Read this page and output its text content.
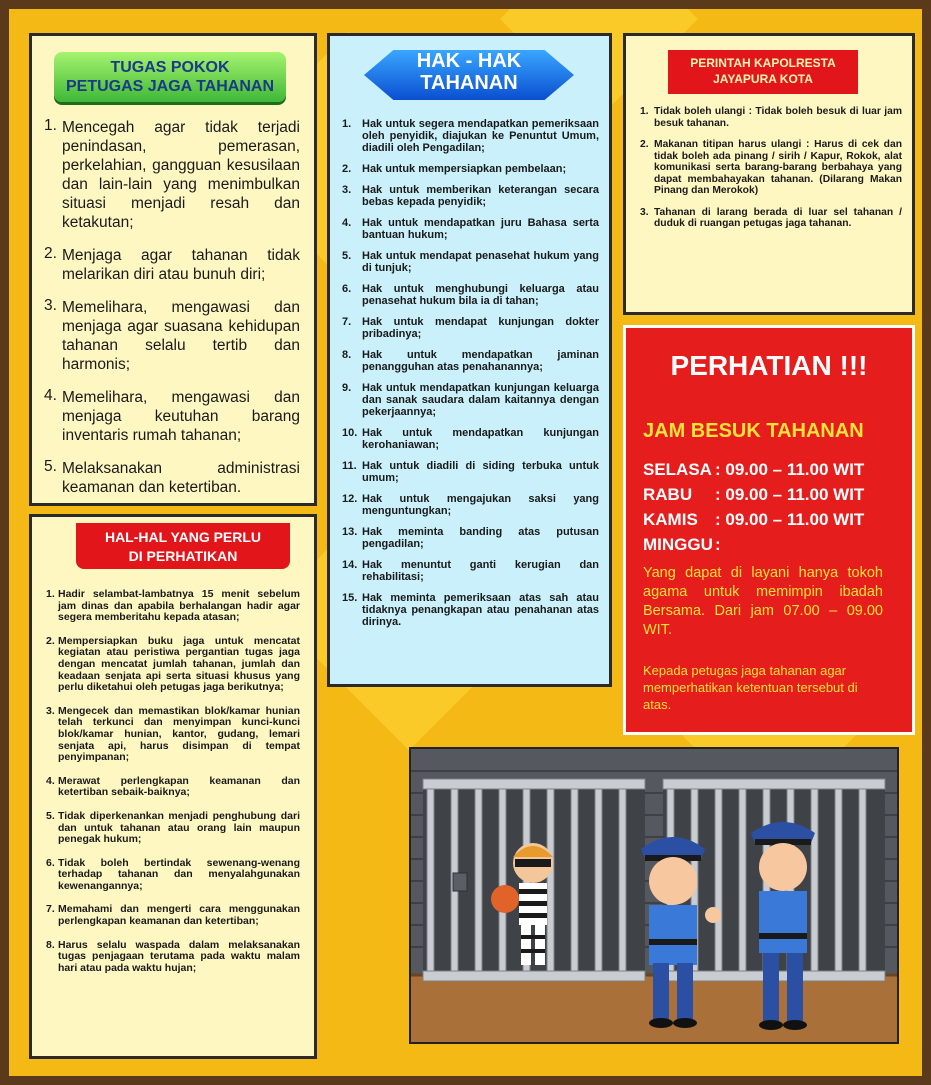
TUGAS POKOK
PETUGAS JAGA TAHANAN
1. Mencegah agar tidak terjadi penindasan, pemerasan, perkelahian, gangguan kesusilaan dan lain-lain yang menimbulkan situasi menjadi resah dan ketakutan;
2. Menjaga agar tahanan tidak melarikan diri atau bunuh diri;
3. Memelihara, mengawasi dan menjaga agar suasana kehidupan tahanan selalu tertib dan harmonis;
4. Memelihara, mengawasi dan menjaga keutuhan barang inventaris rumah tahanan;
5. Melaksanakan administrasi keamanan dan ketertiban.
HAK - HAK
TAHANAN
1. Hak untuk segera mendapatkan pemeriksaan oleh penyidik, diajukan ke Penuntut Umum, diadili oleh Pengadilan;
2. Hak untuk mempersiapkan pembelaan;
3. Hak untuk memberikan keterangan secara bebas kepada penyidik;
4. Hak untuk mendapatkan juru Bahasa serta bantuan hukum;
5. Hak untuk mendapat penasehat hukum yang di tunjuk;
6. Hak untuk menghubungi keluarga atau penasehat hukum bila ia di tahan;
7. Hak untuk mendapat kunjungan dokter pribadinya;
8. Hak untuk mendapatkan jaminan penangguhan atas penahanannya;
9. Hak untuk mendapatkan kunjungan keluarga dan sanak saudara dalam kaitannya dengan pekerjaannya;
10. Hak untuk mendapatkan kunjungan kerohaniawan;
11. Hak untuk diadili di siding terbuka untuk umum;
12. Hak untuk mengajukan saksi yang menguntungkan;
13. Hak meminta banding atas putusan pengadilan;
14. Hak menuntut ganti kerugian dan rehabilitasi;
15. Hak meminta pemeriksaan atas sah atau tidaknya penangkapan atau penahanan atas dirinya.
PERINTAH KAPOLRESTA
JAYAPURA KOTA
1. Tidak boleh ulangi : Tidak boleh besuk di luar jam besuk tahanan.
2. Makanan titipan harus ulangi : Harus di cek dan tidak boleh ada pinang / sirih / Kapur, Rokok, alat komunikasi serta barang-barang berbahaya yang dapat membahayakan tahanan. (Dilarang Makan Pinang dan Merokok)
3. Tahanan di larang berada di luar sel tahanan / duduk di ruangan petugas jaga tahanan.
PERHATIAN !!!
JAM BESUK TAHANAN
SELASA : 09.00 – 11.00 WIT
RABU : 09.00 – 11.00 WIT
KAMIS : 09.00 – 11.00 WIT
MINGGU :
Yang dapat di layani hanya tokoh agama untuk memimpin ibadah Bersama. Dari jam 07.00 – 09.00 WIT.
Kepada petugas jaga tahanan agar memperhatikan ketentuan tersebut di atas.
HAL-HAL YANG PERLU
DI PERHATIKAN
1. Hadir selambat-lambatnya 15 menit sebelum jam dinas dan apabila berhalangan hadir agar segera memberitahu kepada atasan;
2. Mempersiapkan buku jaga untuk mencatat kegiatan atau peristiwa pergantian tugas jaga dengan mencatat jumlah tahanan, jumlah dan keadaan senjata api serta situasi khusus yang perlu diketahui oleh petugas jaga berikutnya;
3. Mengecek dan memastikan blok/kamar hunian telah terkunci dan menyimpan kunci-kunci blok/kamar hunian, kantor, gudang, lemari senjata api, harus disimpan di tempat penyimpanan;
4. Merawat perlengkapan keamanan dan ketertiban sebaik-baiknya;
5. Tidak diperkenankan menjadi penghubung dari dan untuk tahanan atau orang lain maupun penegak hukum;
6. Tidak boleh bertindak sewenang-wenang terhadap tahanan dan menyalahgunakan kewenangannya;
7. Memahami dan mengerti cara menggunakan perlengkapan keamanan dan ketertiban;
8. Harus selalu waspada dalam melaksanakan tugas penjagaan terutama pada waktu malam hari atau pada waktu hujan;
